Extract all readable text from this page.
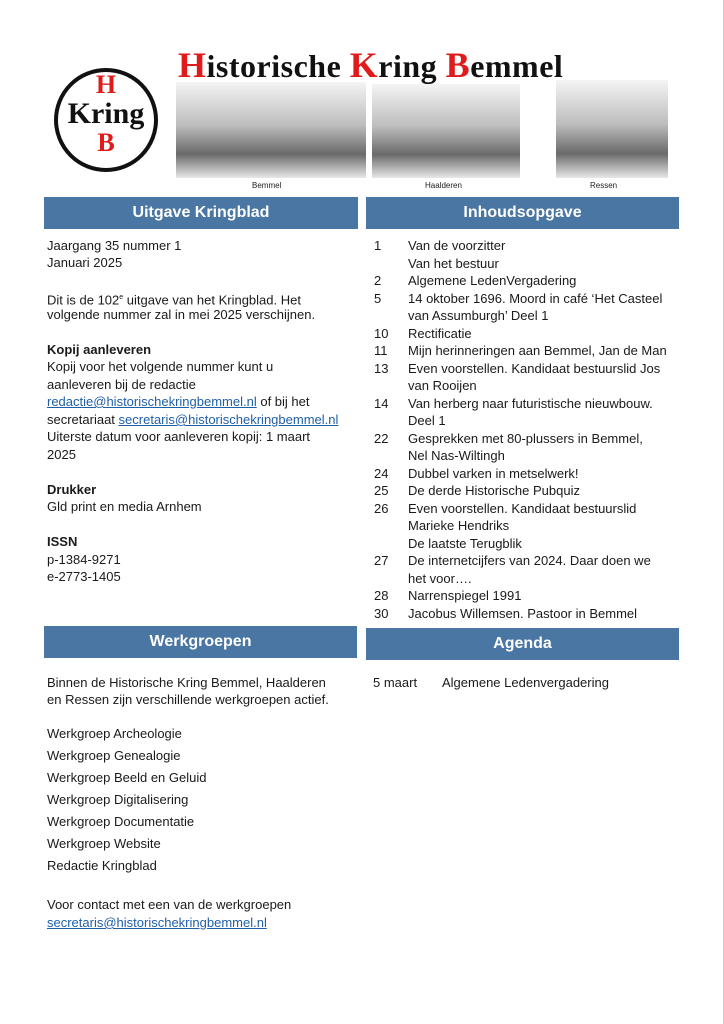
H
Kring
B
Historische Kring Bemmel
Bemmel	Haalderen	Ressen
Uitgave Kringblad	Inhoudsopgave
Werkgroepen	Agenda
Jaargang 35 nummer 1
Januari 2025
Dit is de 102e uitgave van het Kringblad. Het
volgende nummer zal in mei 2025 verschijnen.
Kopij aanleveren
Kopij voor het volgende nummer kunt u
aanleveren bij de redactie
redactie@historischekringbemmel.nl of bij het
secretariaat secretaris@historischekringbemmel.nl
Uiterste datum voor aanleveren kopij: 1 maart
2025
Drukker
Gld print en media Arnhem
ISSN
p-1384-9271
e-2773-1405
1 Van de voorzitter
Van het bestuur
2 Algemene LedenVergadering
5 14 oktober 1696. Moord in café ‘Het Casteel
van Assumburgh’ Deel 1
10 Rectificatie
11 Mijn herinneringen aan Bemmel, Jan de Man
13 Even voorstellen. Kandidaat bestuurslid Jos
van Rooijen
14 Van herberg naar futuristische nieuwbouw.
Deel 1
22 Gesprekken met 80-plussers in Bemmel,
Nel Nas-Wiltingh
24 Dubbel varken in metselwerk!
25 De derde Historische Pubquiz
26 Even voorstellen. Kandidaat bestuurslid
Marieke Hendriks
De laatste Terugblik
27 De internetcijfers van 2024. Daar doen we
het voor….
28 Narrenspiegel 1991
30 Jacobus Willemsen. Pastoor in Bemmel
Binnen de Historische Kring Bemmel, Haalderen
en Ressen zijn verschillende werkgroepen actief.
Werkgroep Archeologie
Werkgroep Genealogie
Werkgroep Beeld en Geluid
Werkgroep Digitalisering
Werkgroep Documentatie
Werkgroep Website
Redactie Kringblad
Voor contact met een van de werkgroepen
secretaris@historischekringbemmel.nl
5 maart Algemene Ledenvergadering
